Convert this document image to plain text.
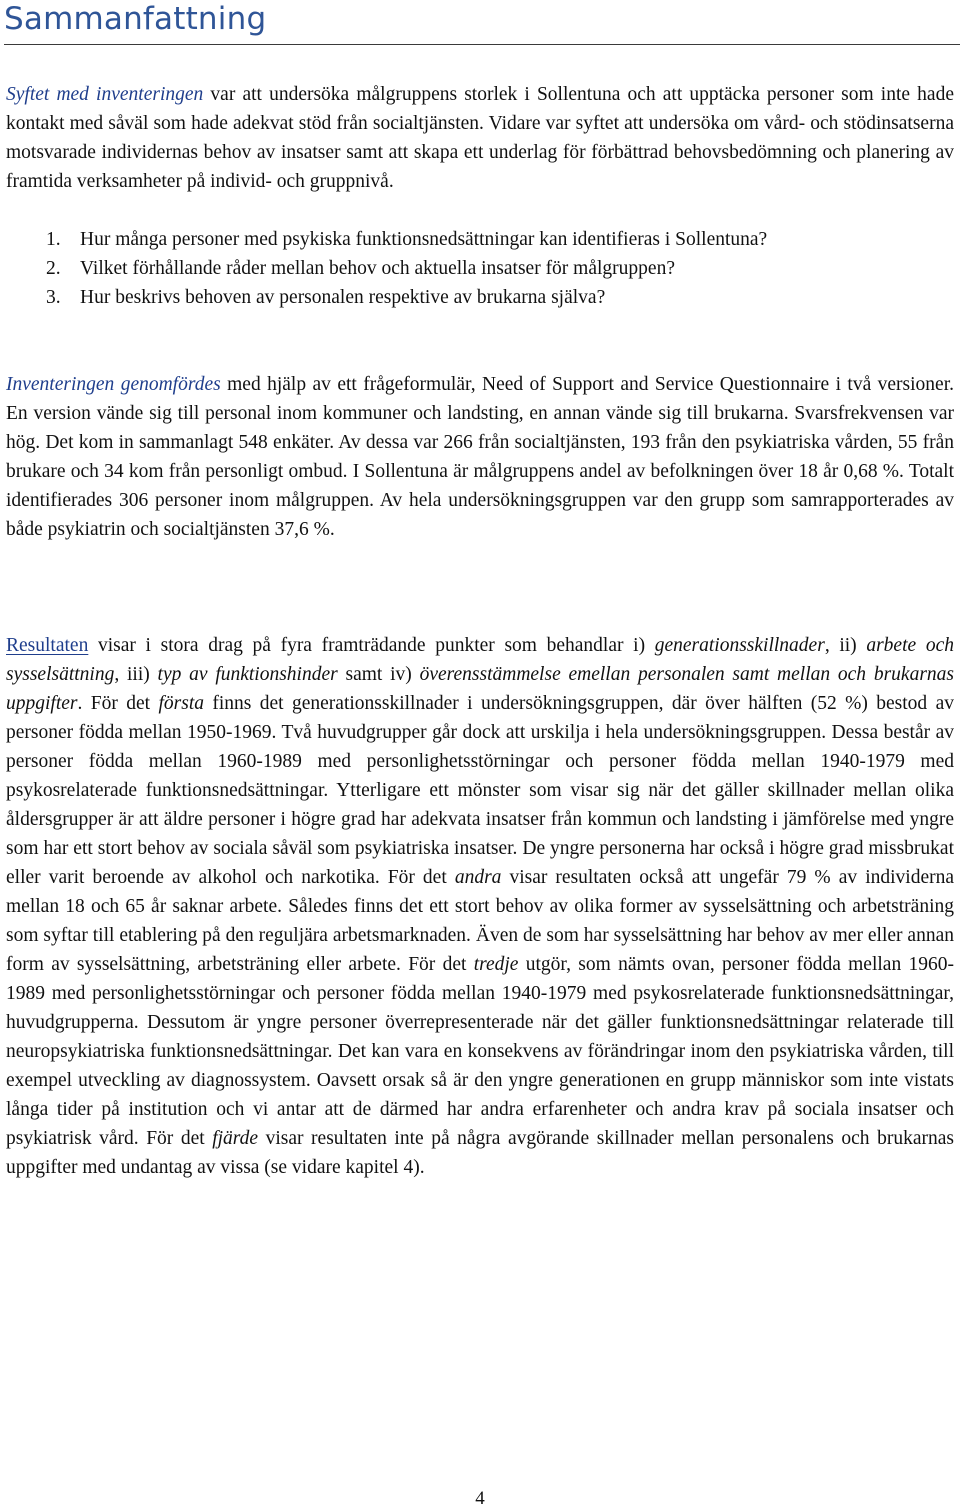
Sammanfattning

Syftet med inventeringen var att undersöka målgruppens storlek i Sollentuna och att upptäcka personer som inte hade kontakt med såväl som hade adekvat stöd från socialtjänsten. Vidare var syftet att undersöka om vård- och stödinsatserna motsvarade individernas behov av insatser samt att skapa ett underlag för förbättrad behovsbedömning och planering av framtida verksamheter på individ- och gruppnivå.

1. Hur många personer med psykiska funktionsnedsättningar kan identifieras i Sollentuna?
2. Vilket förhållande råder mellan behov och aktuella insatser för målgruppen?
3. Hur beskrivs behoven av personalen respektive av brukarna själva?

Inventeringen genomfördes med hjälp av ett frågeformulär, Need of Support and Service Questionnaire i två versioner. En version vände sig till personal inom kommuner och landsting, en annan vände sig till brukarna. Svarsfrekvensen var hög. Det kom in sammanlagt 548 enkäter. Av dessa var 266 från socialtjänsten, 193 från den psykiatriska vården, 55 från brukare och 34 kom från personligt ombud. I Sollentuna är målgruppens andel av befolkningen över 18 år 0,68 %. Totalt identifierades 306 personer inom målgruppen. Av hela undersökningsgruppen var den grupp som samrapporterades av både psykiatrin och socialtjänsten 37,6 %.

Resultaten visar i stora drag på fyra framträdande punkter som behandlar i) generationsskillnader, ii) arbete och sysselsättning, iii) typ av funktionshinder samt iv) överensstämmelse emellan personalen samt mellan och brukarnas uppgifter. För det första finns det generationsskillnader i undersökningsgruppen, där över hälften (52 %) bestod av personer födda mellan 1950-1969. Två huvudgrupper går dock att urskilja i hela undersökningsgruppen. Dessa består av personer födda mellan 1960-1989 med personlighetsstörningar och personer födda mellan 1940-1979 med psykosrelaterade funktionsnedsättningar. Ytterligare ett mönster som visar sig när det gäller skillnader mellan olika åldersgrupper är att äldre personer i högre grad har adekvata insatser från kommun och landsting i jämförelse med yngre som har ett stort behov av sociala såväl som psykiatriska insatser. De yngre personerna har också i högre grad missbrukat eller varit beroende av alkohol och narkotika. För det andra visar resultaten också att ungefär 79 % av individerna mellan 18 och 65 år saknar arbete. Således finns det ett stort behov av olika former av sysselsättning och arbetsträning som syftar till etablering på den reguljära arbetsmarknaden. Även de som har sysselsättning har behov av mer eller annan form av sysselsättning, arbetsträning eller arbete. För det tredje utgör, som nämts ovan, personer födda mellan 1960-1989 med personlighetsstörningar och personer födda mellan 1940-1979 med psykosrelaterade funktionsnedsättningar, huvudgrupperna. Dessutom är yngre personer överrepresenterade när det gäller funktionsnedsättningar relaterade till neuropsykiatriska funktionsnedsättningar. Det kan vara en konsekvens av förändringar inom den psykiatriska vården, till exempel utveckling av diagnossystem. Oavsett orsak så är den yngre generationen en grupp människor som inte vistats långa tider på institution och vi antar att de därmed har andra erfarenheter och andra krav på sociala insatser och psykiatrisk vård. För det fjärde visar resultaten inte på några avgörande skillnader mellan personalens och brukarnas uppgifter med undantag av vissa (se vidare kapitel 4).

4
